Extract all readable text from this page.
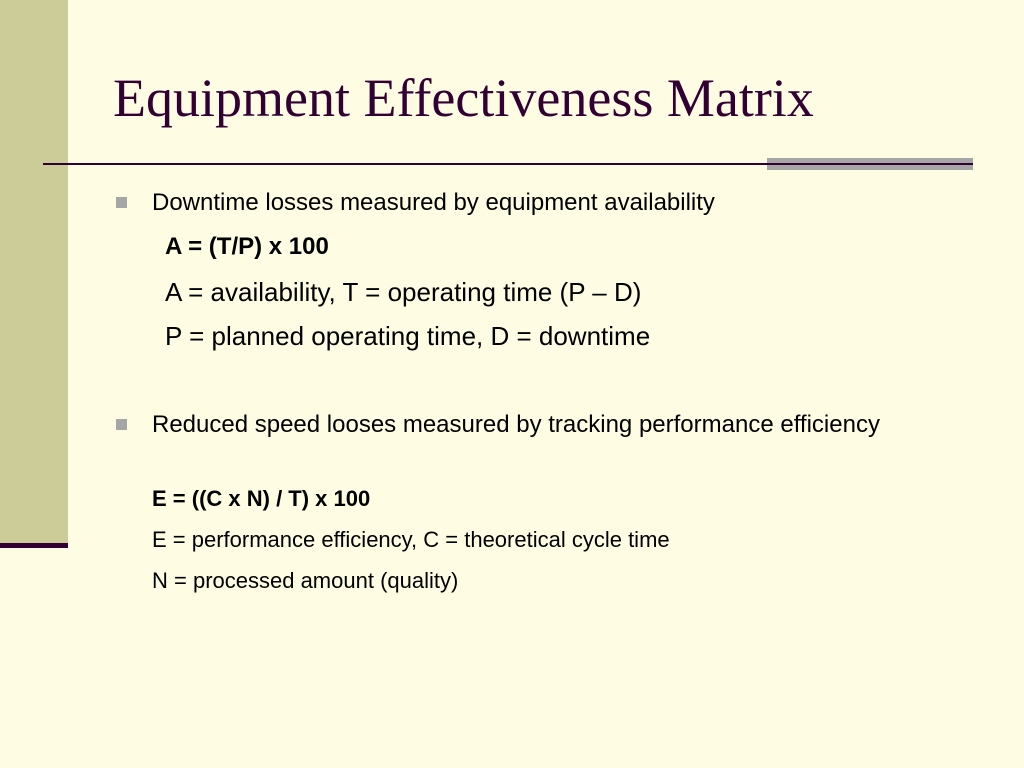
Equipment Effectiveness Matrix

Downtime losses measured by equipment availability

A = (T/P) x 100

A = availability, T = operating time (P – D)

P = planned operating time, D = downtime

Reduced speed looses measured by tracking performance efficiency

E = ((C x N) / T) x 100

E = performance efficiency, C = theoretical cycle time

N = processed amount (quality)
